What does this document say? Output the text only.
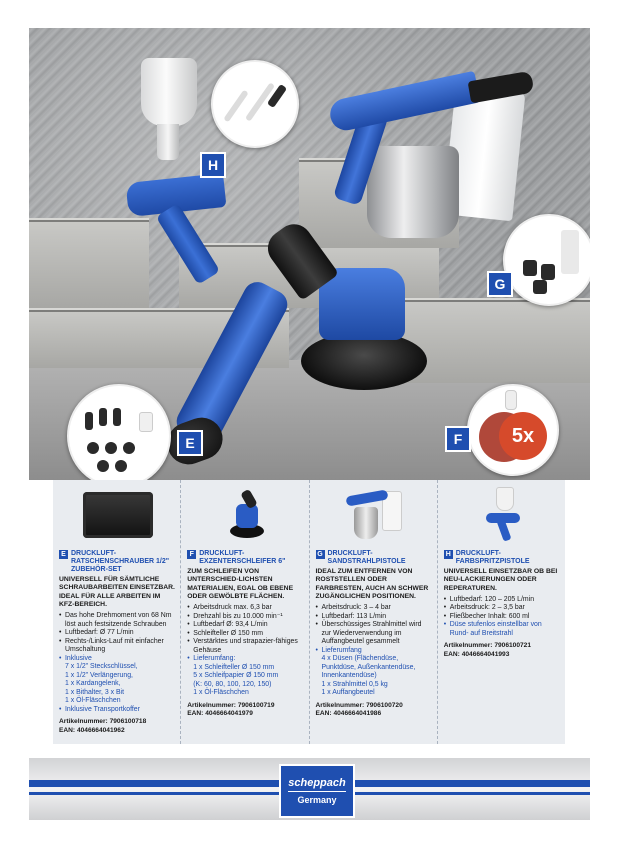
5x
H
G
E	F
E DRUCKLUFT-RATSCHENSCHRAUBER 1/2" ZUBEHÖR-SET
UNIVERSELL FÜR SÄMTLICHE SCHRAUBARBEITEN EINSETZBAR. IDEAL FÜR ALLE ARBEITEN IM KFZ-BEREICH.
• Das hohe Drehmoment von 68 Nm löst auch festsitzende Schrauben
• Luftbedarf: Ø 77 L/min
• Rechts-/Links-Lauf mit einfacher Umschaltung
• Inklusive
7 x 1/2" Steckschlüssel,
1 x 1/2" Verlängerung,
1 x Kardangelenk,
1 x Bithalter, 3 x Bit
1 x Öl-Fläschchen
• Inklusive Transportkoffer
Artikelnummer: 7906100718
EAN: 4046664041962
F DRUCKLUFT-EXZENTERSCHLEIFER 6"
ZUM SCHLEIFEN VON UNTERSCHIED-LICHSTEN MATERIALIEN, EGAL OB EBENE ODER GEWÖLBTE FLÄCHEN.
• Arbeitsdruck max. 6,3 bar
• Drehzahl bis zu 10.000 min⁻¹
• Luftbedarf Ø: 93,4 L/min
• Schleifteller Ø 150 mm
• Verstärktes und strapazier-fähiges Gehäuse
• Lieferumfang:
1 x Schleifteller Ø 150 mm
5 x Schleifpapier Ø 150 mm
(K: 60, 80, 100, 120, 150)
1 x Öl-Fläschchen
Artikelnummer: 7906100719
EAN: 4046664041979
G DRUCKLUFT-SANDSTRAHLPISTOLE
IDEAL ZUM ENTFERNEN VON ROSTSTELLEN ODER FARBRESTEN, AUCH AN SCHWER ZUGÄNGLICHEN POSITIONEN.
• Arbeitsdruck: 3 – 4 bar
• Luftbedarf: 113 L/min
• Überschüssiges Strahlmittel wird zur Wiederverwendung im Auffangbeutel gesammelt
• Lieferumfang
4 x Düsen (Flächendüse, Punktdüse, Außenkantendüse, Innenkantendüse)
1 x Strahlmittel 0,5 kg
1 x Auffangbeutel
Artikelnummer: 7906100720
EAN: 4046664041986
H DRUCKLUFT-FARBSPRITZPISTOLE
UNIVERSELL EINSETZBAR OB BEI NEU-LACKIERUNGEN ODER REPERATUREN.
• Luftbedarf: 120 – 205 L/min
• Arbeitsdruck: 2 – 3,5 bar
• Fließbecher Inhalt: 600 ml
• Düse stufenlos einstellbar von Rund- auf Breitstrahl
Artikelnummer: 7906100721
EAN: 4046664041993
scheppach
Germany
